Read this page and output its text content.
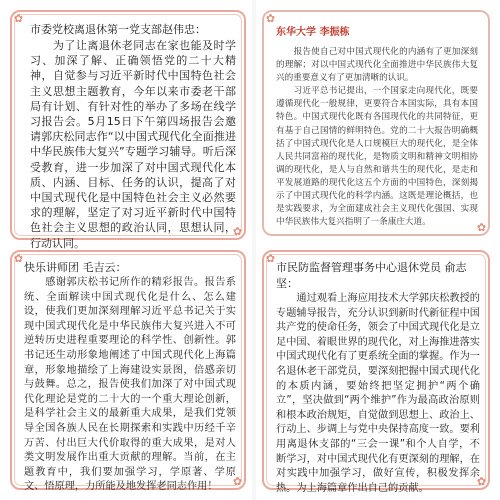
✿
✿
市委党校离退休第一党支部赵伟忠：
　　为了让离退休老同志在家也能及时学习、加深了解、正确领悟党的二十大精神，自觉参与习近平新时代中国特色社会主义思想主题教育，今年以来市委老干部局有计划、有针对性的举办了多场在线学习报告会。5月15日下午第四场报告会邀请郭庆松同志作“以中国式现代化全面推进中华民族伟大复兴”专题学习辅导。听后深受教育，进一步加深了对中国式现代化本质、内涵、目标、任务的认识，提高了对中国式现代化是中国特色社会主义必然要求的理解，坚定了对习近平新时代中国特色社会主义思想的政治认同，思想认同，行动认同。
✿
✿
东华大学 李振栋
　　报告使自己对中国式现代化的内涵有了更加深刻的理解；对以中国式现代化全面推进中华民族伟大复兴的重要意义有了更加清晰的认识。
　　习近平总书记提出，一个国家走向现代化，既要遵循现代化一般规律，更要符合本国实际，具有本国特色。中国式现代化既有各国现代化的共同特征，更有基于自己国情的鲜明特色。党的二十大报告明确概括了中国式现代化是人口规模巨大的现代化，是全体人民共同富裕的现代化，是物质文明和精神文明相协调的现代化，是人与自然和谐共生的现代化，是走和平发展道路的现代化这五个方面的中国特色，深刻揭示了中国式现代化的科学内涵。这既是理论概括，也是实践要求，为全面建成社会主义现代化强国、实现中华民族伟大复兴指明了一条康庄大道。
✿
✿
快乐讲师团 毛吉云：
　　感谢郭庆松书记所作的精彩报告。报告系统、全面解读中国式现代化是什么、怎么建设，使我们更加深刻理解习近平总书记关于实现中国式现代化是中华民族伟大复兴进入不可逆转历史进程重要理论的科学性、创新性。郭书记还生动形象地阐述了中国式现代化上海篇章，形象地描绘了上海建设实景图，倍感亲切与鼓舞。总之，报告使我们加深了对中国式现代化理论是党的二十大的一个重大理论创新，是科学社会主义的最新重大成果，是我们党领导全国各族人民在长期探索和实践中历经千辛万苦、付出巨大代价取得的重大成果，是对人类文明发展作出重大贡献的理解。当前，在主题教育中，我们要加强学习，学原著、学原文、悟原理，力所能及地发挥老同志作用！
✿
✿
市民防监督管理事务中心退休党员 俞志坚：
　　通过观看上海应用技术大学郭庆松教授的专题辅导报告，充分认识到新时代新征程中国共产党的使命任务，领会了中国式现代化是立足中国、着眼世界的现代化，对上海推进落实中国式现代化有了更系统全面的掌握。作为一名退休老干部党员，要深刻把握中国式现代化的本质内涵，要始终把坚定拥护“两个确立”，坚决做到“两个维护”作为最高政治原则和根本政治规矩，自觉做到思想上、政治上、行动上、步调上与党中央保持高度一致。要利用离退休支部的“三会一课”和个人自学，不断学习，对中国式现代化有更深刻的理解，在对实践中加强学习，做好宣传，积极发挥余热。为上海篇章作出自己的贡献。
